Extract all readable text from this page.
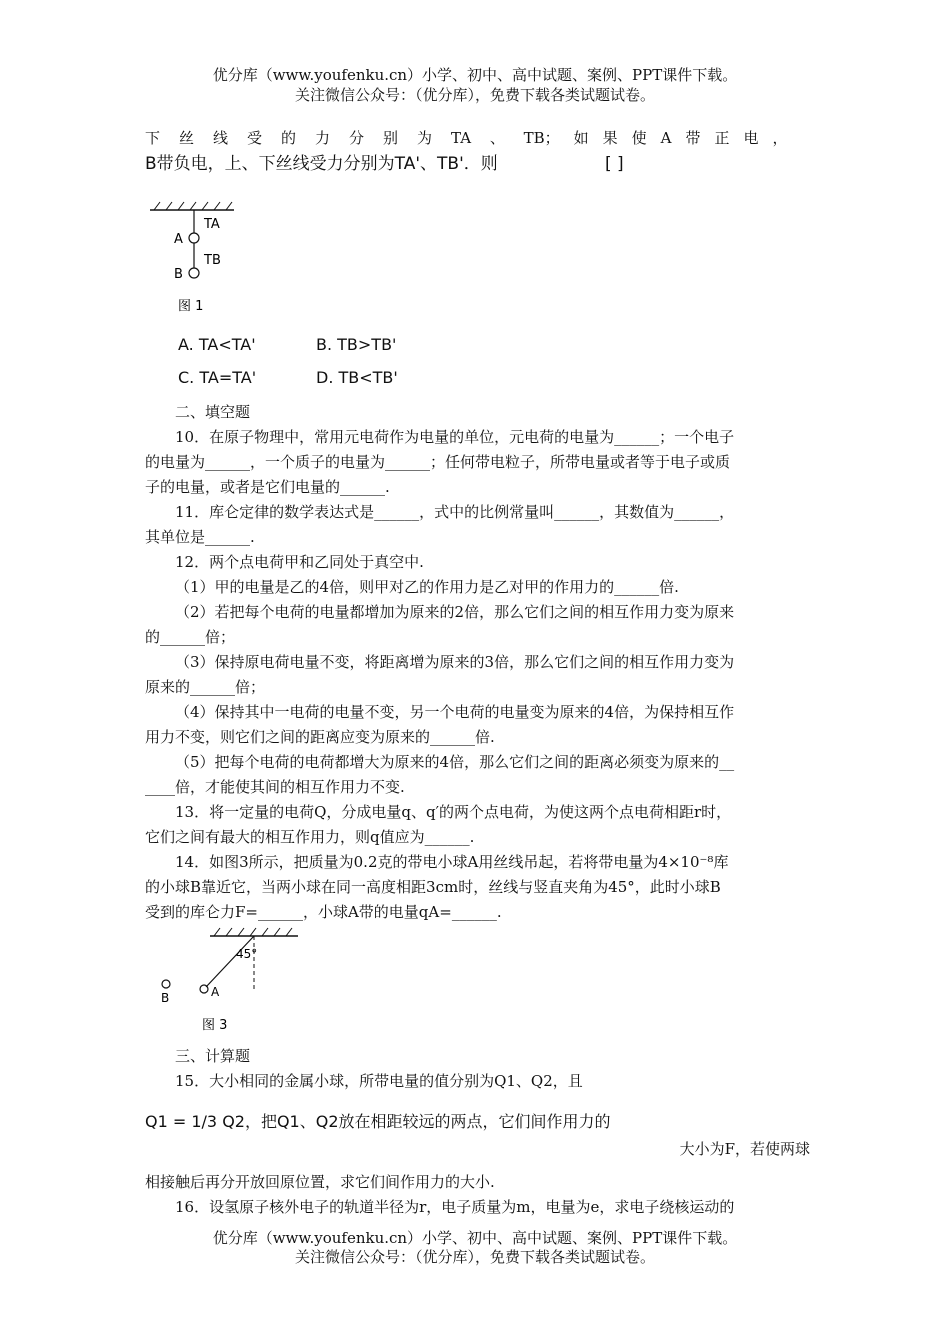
优分库（www.youfenku.cn）小学、初中、高中试题、案例、PPT课件下载。
关注微信公众号：（优分库），免费下载各类试题试卷。
下丝线受的力分别为TA 、 TB；如果使A带正电，
B带负电，上、下丝线受力分别为TA'、TB'．则	[ ]
TA
A
TB
B
图 1
A. TA<TA'	B. TB>TB'
C. TA=TA'	D. TB<TB'
二、填空题
10．在原子物理中，常用元电荷作为电量的单位，元电荷的电量为______；一个电子
的电量为______，一个质子的电量为______；任何带电粒子，所带电量或者等于电子或质
子的电量，或者是它们电量的______.
11．库仑定律的数学表达式是______，式中的比例常量叫______，其数值为______，
其单位是______.
12．两个点电荷甲和乙同处于真空中.
（1）甲的电量是乙的4倍，则甲对乙的作用力是乙对甲的作用力的______倍.
（2）若把每个电荷的电量都增加为原来的2倍，那么它们之间的相互作用力变为原来
的______倍；
（3）保持原电荷电量不变，将距离增为原来的3倍，那么它们之间的相互作用力变为
原来的______倍；
（4）保持其中一电荷的电量不变，另一个电荷的电量变为原来的4倍，为保持相互作
用力不变，则它们之间的距离应变为原来的______倍.
（5）把每个电荷的电荷都增大为原来的4倍，那么它们之间的距离必须变为原来的__
____倍，才能使其间的相互作用力不变.
13．将一定量的电荷Q，分成电量q、q′的两个点电荷，为使这两个点电荷相距r时，
它们之间有最大的相互作用力，则q值应为______.
14．如图3所示，把质量为0.2克的带电小球A用丝线吊起，若将带电量为4×10⁻⁸库
的小球B靠近它，当两小球在同一高度相距3cm时，丝线与竖直夹角为45°，此时小球B
受到的库仑力F=______，小球A带的电量qA=______.
45°
A
B
图 3
三、计算题
15．大小相同的金属小球，所带电量的值分别为Q1、Q2，且
Q1 = 1/3 Q2，把Q1、Q2放在相距较远的两点，它们间作用力的
大小为F，若使两球
相接触后再分开放回原位置，求它们间作用力的大小.
16．设氢原子核外电子的轨道半径为r，电子质量为m，电量为e，求电子绕核运动的
优分库（www.youfenku.cn）小学、初中、高中试题、案例、PPT课件下载。
关注微信公众号：（优分库），免费下载各类试题试卷。
